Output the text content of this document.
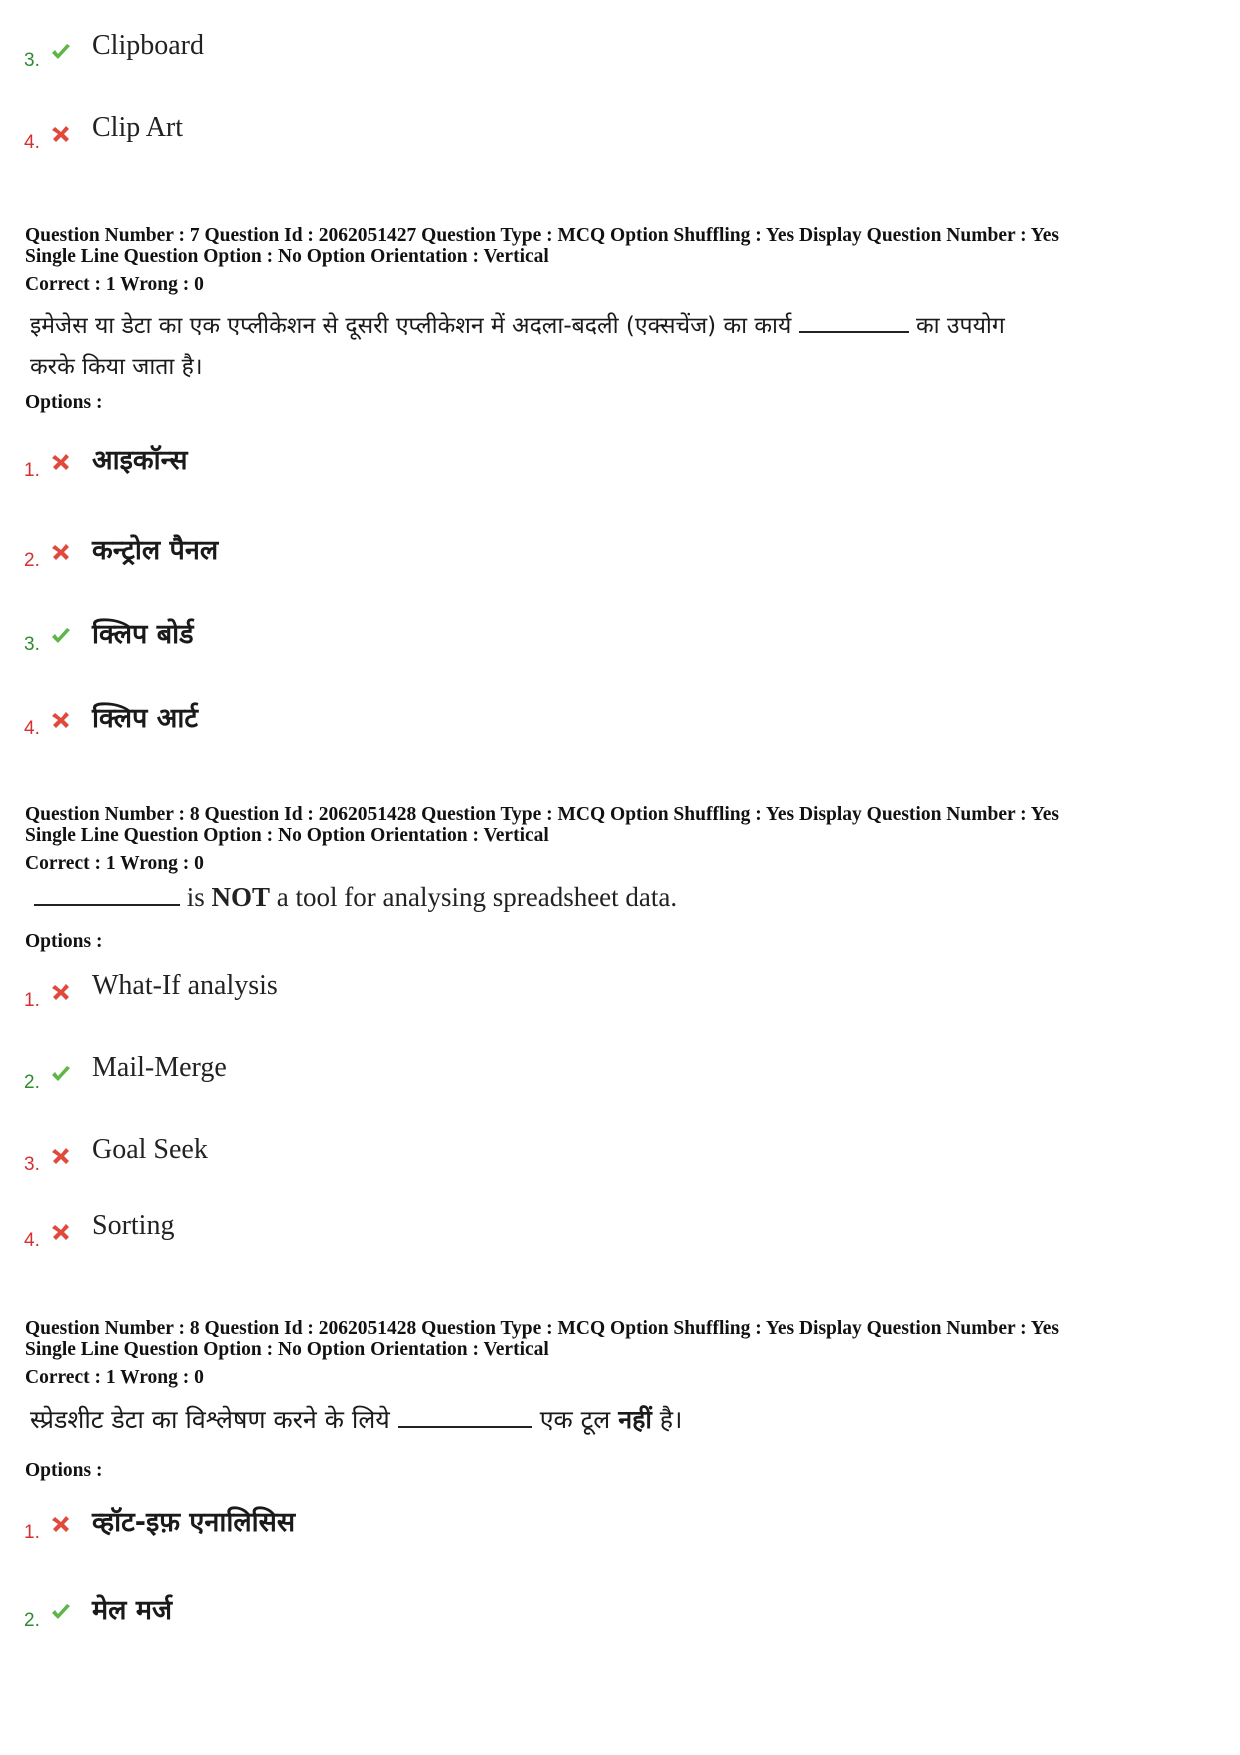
3. Clipboard
4. Clip Art
Question Number : 7 Question Id : 2062051427 Question Type : MCQ Option Shuffling : Yes Display Question Number : Yes
Single Line Question Option : No Option Orientation : Vertical
Correct : 1 Wrong : 0
इमेजेस या डेटा का एक एप्लीकेशन से दूसरी एप्लीकेशन में अदला-बदली (एक्सचेंज) का कार्य	का उपयोग
करके किया जाता है।
Options :
1. आइकॉन्स
2. कन्ट्रोल पैनल
3. क्लिप बोर्ड
4. क्लिप आर्ट
Question Number : 8 Question Id : 2062051428 Question Type : MCQ Option Shuffling : Yes Display Question Number : Yes
Single Line Question Option : No Option Orientation : Vertical
Correct : 1 Wrong : 0
is NOT a tool for analysing spreadsheet data.
Options :
1. What-If analysis
2. Mail-Merge
3. Goal Seek
4. Sorting
Question Number : 8 Question Id : 2062051428 Question Type : MCQ Option Shuffling : Yes Display Question Number : Yes
Single Line Question Option : No Option Orientation : Vertical
Correct : 1 Wrong : 0
स्प्रेडशीट डेटा का विश्लेषण करने के लिये	एक टूल नहीं है।
Options :
1. व्हॉट-इफ़ एनालिसिस
2. मेल मर्ज
